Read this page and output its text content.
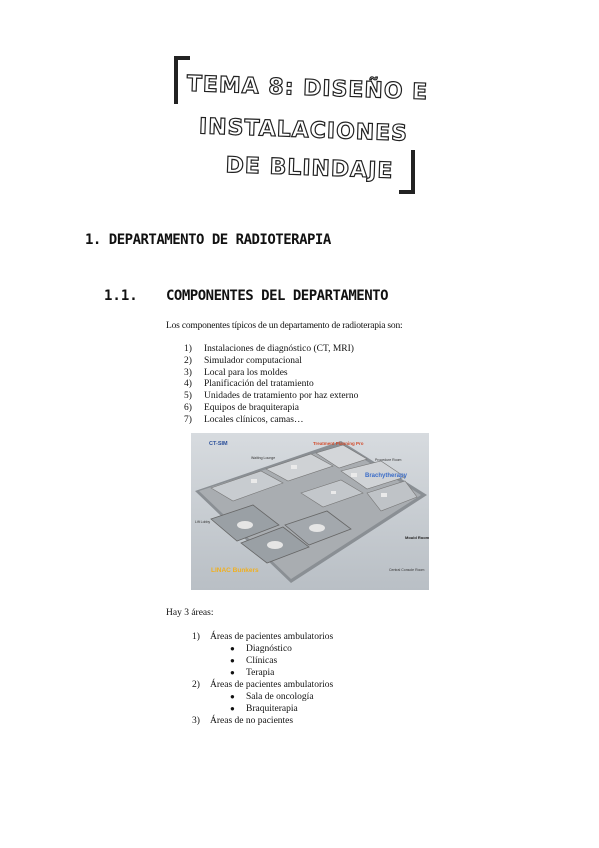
TEMA 8: DISEÑO E
INSTALACIONES
DE BLINDAJE
1. DEPARTAMENTO DE RADIOTERAPIA
1.1. COMPONENTES DEL DEPARTAMENTO
Los componentes típicos de un departamento de radioterapia son:
1) Instalaciones de diagnóstico (CT, MRI)
2) Simulador computacional
3) Local para los moldes
4) Planificación del tratamiento
5) Unidades de tratamiento por haz externo
6) Equipos de braquiterapia
7) Locales clínicos, camas…
CT-SIM	Treatment Planning Pro
Waiting Lounge	Procedure Room
Brachytherapy
Lift Lobby
Mould Room
LINAC Bunkers	Central Console Room
Hay 3 áreas:
1) Áreas de pacientes ambulatorios
● Diagnóstico
● Clínicas
● Terapia
2) Áreas de pacientes ambulatorios
● Sala de oncología
● Braquiterapia
3) Áreas de no pacientes
